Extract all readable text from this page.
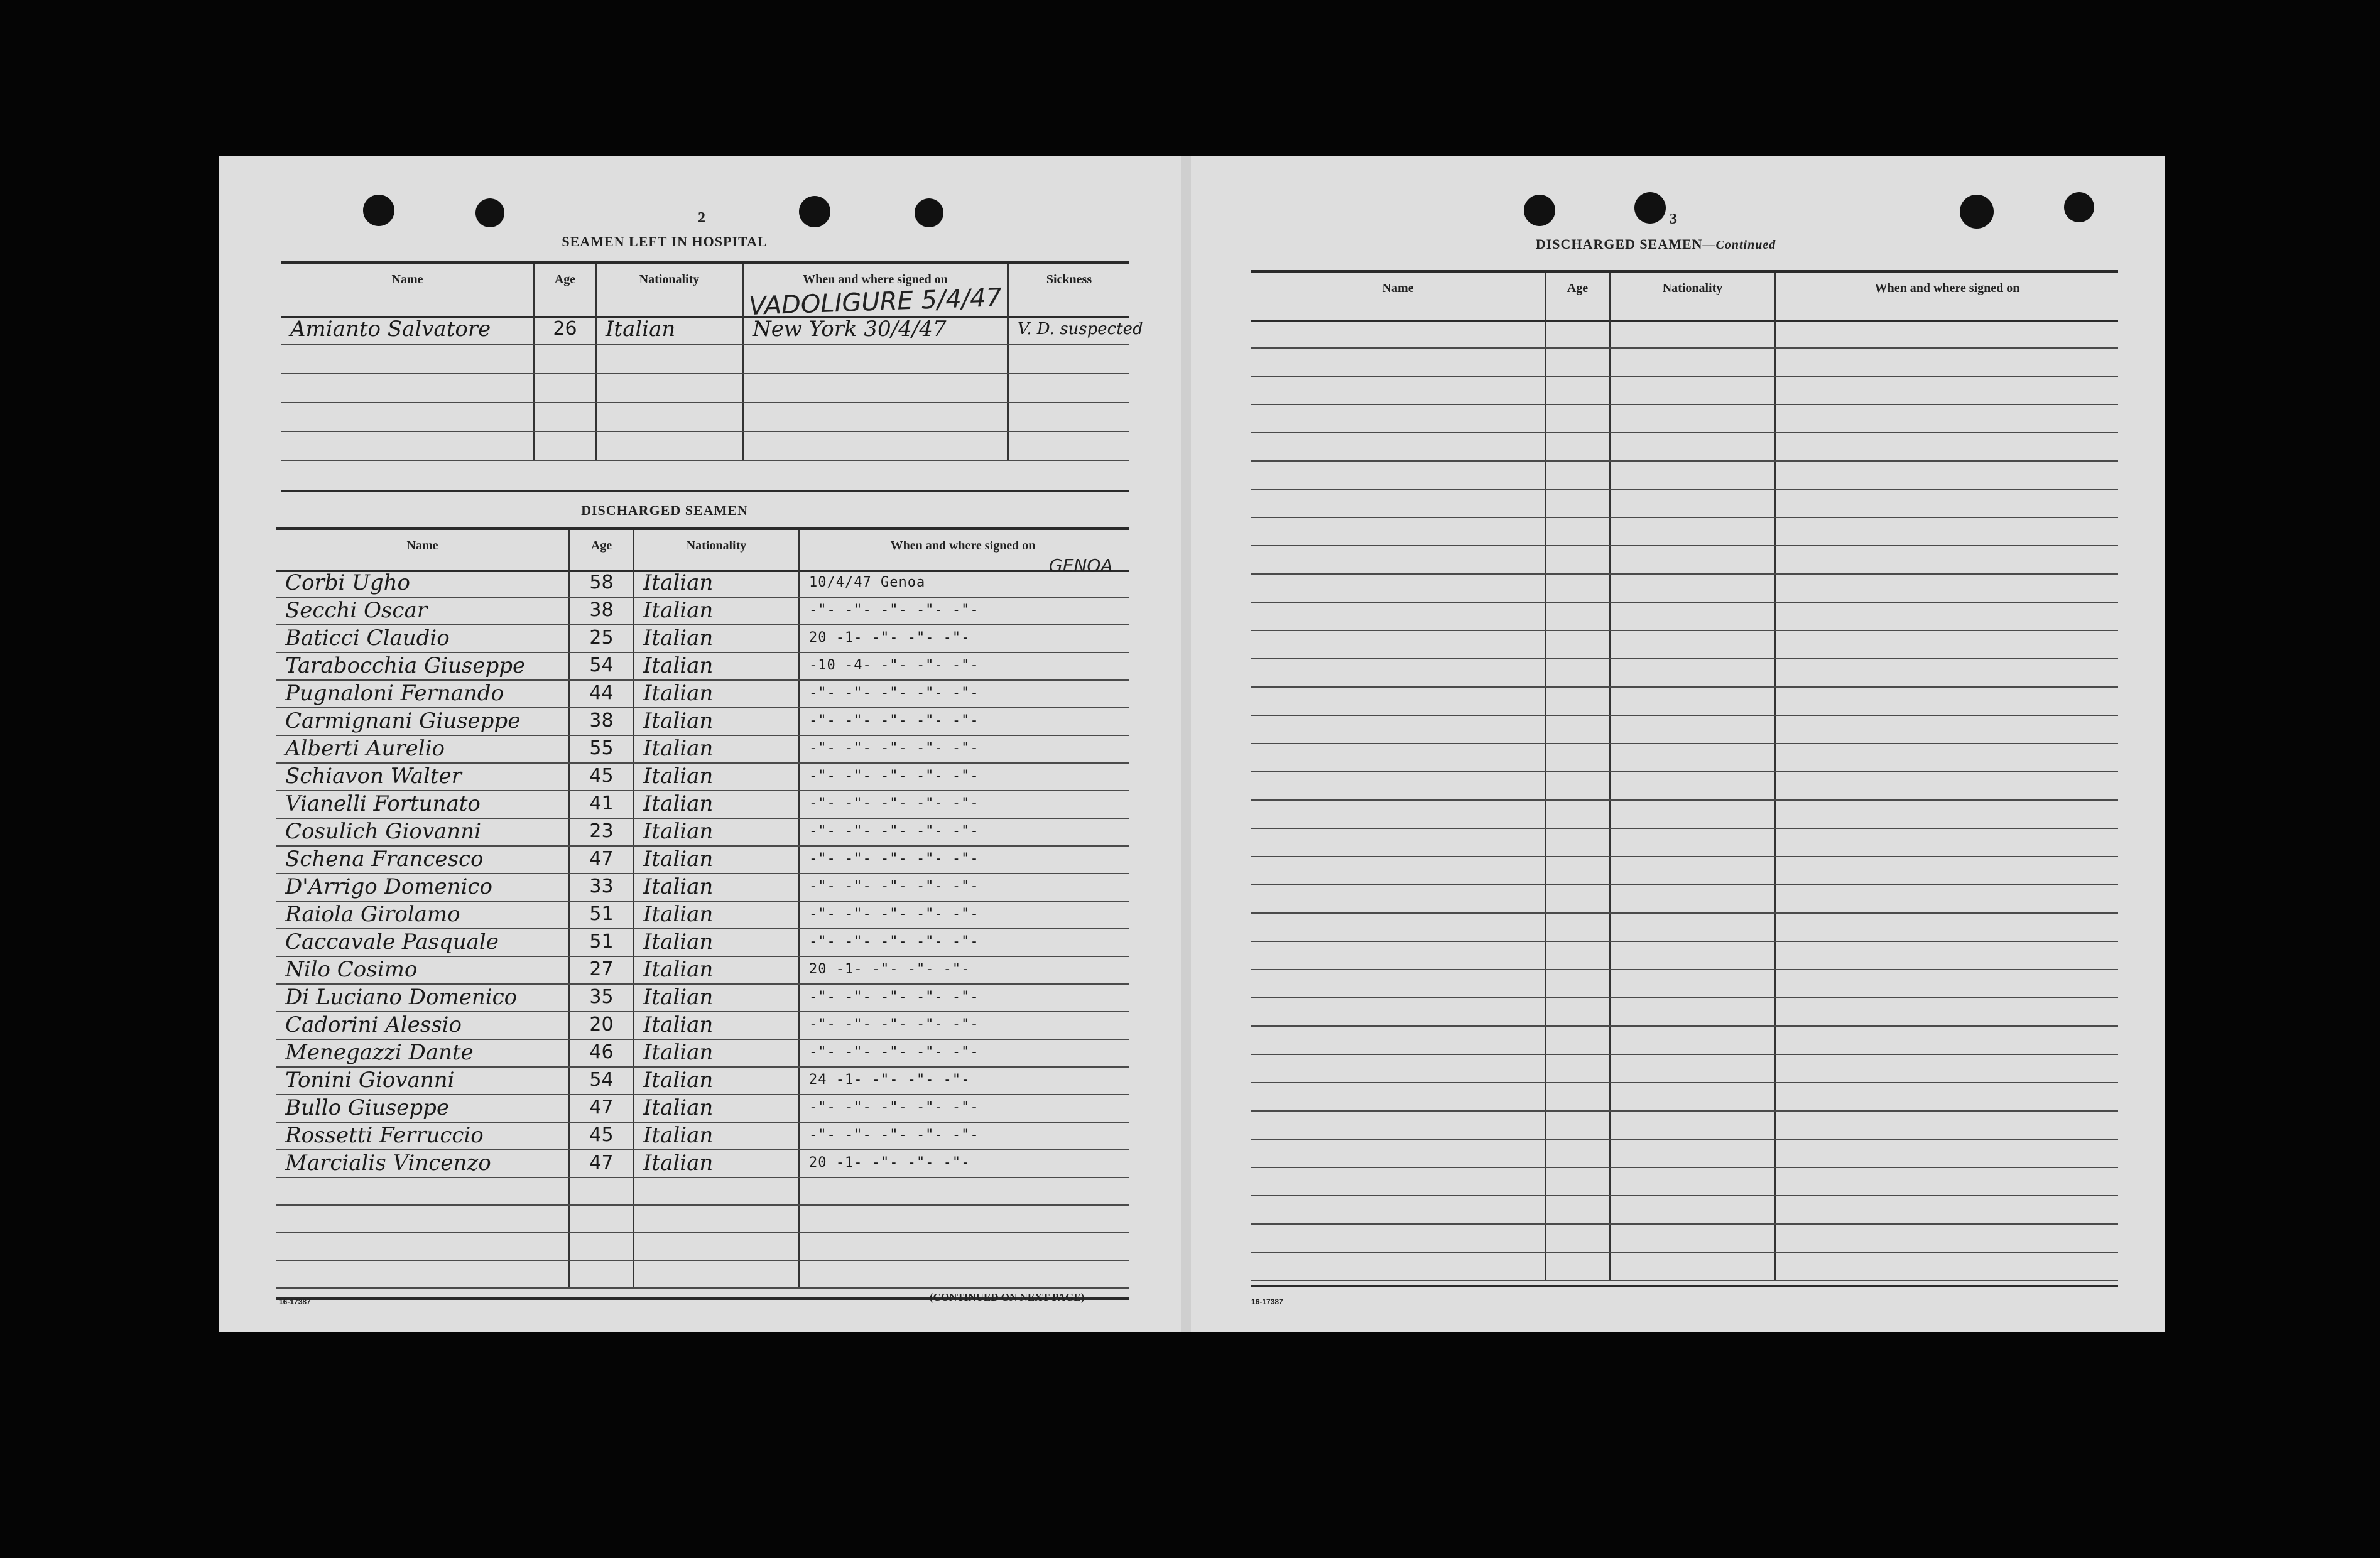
2
SEAMEN LEFT IN HOSPITAL
Name	Age	Nationality	When and where signed on	Sickness
VADOLIGURE 5/4/47
Amianto Salvatore	26	Italian	New York 30/4/47	V. D. suspected
DISCHARGED SEAMEN
Name	Age	Nationality	When and where signed on
GENOA
Corbi Ugho	58	Italian	10/4/47 Genoa
Secchi Oscar	38	Italian	-"- -"- -"- -"- -"-
Baticci Claudio	25	Italian	20 -1- -"- -"- -"-
Tarabocchia Giuseppe	54	Italian	-10 -4- -"- -"- -"-
Pugnaloni Fernando	44	Italian	-"- -"- -"- -"- -"-
Carmignani Giuseppe	38	Italian	-"- -"- -"- -"- -"-
Alberti Aurelio	55	Italian	-"- -"- -"- -"- -"-
Schiavon Walter	45	Italian	-"- -"- -"- -"- -"-
Vianelli Fortunato	41	Italian	-"- -"- -"- -"- -"-
Cosulich Giovanni	23	Italian	-"- -"- -"- -"- -"-
Schena Francesco	47	Italian	-"- -"- -"- -"- -"-
D'Arrigo Domenico	33	Italian	-"- -"- -"- -"- -"-
Raiola Girolamo	51	Italian	-"- -"- -"- -"- -"-
Caccavale Pasquale	51	Italian	-"- -"- -"- -"- -"-
Nilo Cosimo	27	Italian	20 -1- -"- -"- -"-
Di Luciano Domenico	35	Italian	-"- -"- -"- -"- -"-
Cadorini Alessio	20	Italian	-"- -"- -"- -"- -"-
Menegazzi Dante	46	Italian	-"- -"- -"- -"- -"-
Tonini Giovanni	54	Italian	24 -1- -"- -"- -"-
Bullo Giuseppe	47	Italian	-"- -"- -"- -"- -"-
Rossetti Ferruccio	45	Italian	-"- -"- -"- -"- -"-
Marcialis Vincenzo	47	Italian	20 -1- -"- -"- -"-
16-17387	(CONTINUED ON NEXT PAGE)
3
DISCHARGED SEAMEN—Continued
Name	Age	Nationality	When and where signed on
16-17387
